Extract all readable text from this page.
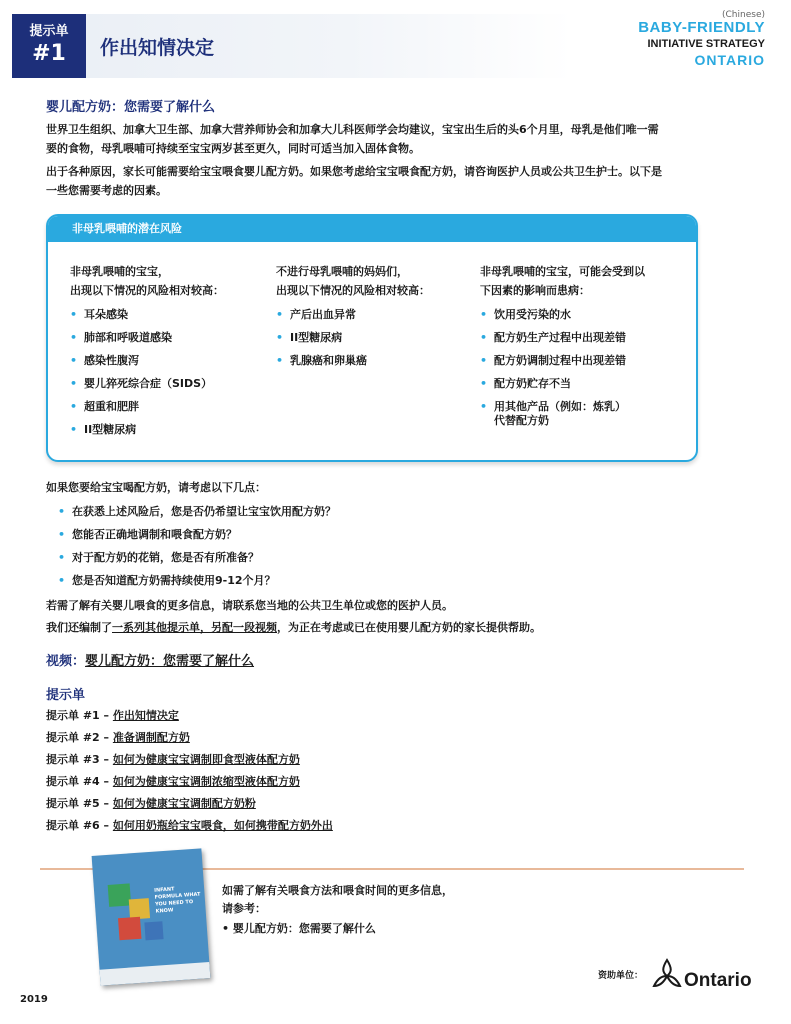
提示单
#1	作出知情决定
(Chinese)
BABY-FRIENDLY
INITIATIVE STRATEGY
ONTARIO
婴儿配方奶：您需要了解什么
世界卫生组织、加拿大卫生部、加拿大营养师协会和加拿大儿科医师学会均建议，宝宝出生后的头6个月里，母乳是他们唯一需
要的食物，母乳喂哺可持续至宝宝两岁甚至更久，同时可适当加入固体食物。
出于各种原因，家长可能需要给宝宝喂食婴儿配方奶。如果您考虑给宝宝喂食配方奶，请咨询医护人员或公共卫生护士。以下是
一些您需要考虑的因素。
非母乳喂哺的潜在风险
非母乳喂哺的宝宝，
出现以下情况的风险相对较高：
• 耳朵感染
• 肺部和呼吸道感染
• 感染性腹泻
• 婴儿猝死综合症（SIDS）
• 超重和肥胖
• II型糖尿病
不进行母乳喂哺的妈妈们，
出现以下情况的风险相对较高：
• 产后出血异常
• II型糖尿病
• 乳腺癌和卵巢癌
非母乳喂哺的宝宝，可能会受到以
下因素的影响而患病：
• 饮用受污染的水
• 配方奶生产过程中出现差错
• 配方奶调制过程中出现差错
• 配方奶贮存不当
• 用其他产品（例如：炼乳）
代替配方奶
如果您要给宝宝喝配方奶，请考虑以下几点：
• 在获悉上述风险后，您是否仍希望让宝宝饮用配方奶？
• 您能否正确地调制和喂食配方奶？
• 对于配方奶的花销，您是否有所准备？
• 您是否知道配方奶需持续使用9-12个月？
若需了解有关婴儿喂食的更多信息，请联系您当地的公共卫生单位或您的医护人员。
我们还编制了一系列其他提示单，另配一段视频，为正在考虑或已在使用婴儿配方奶的家长提供帮助。
视频：婴儿配方奶：您需要了解什么
提示单
提示单 #1 – 作出知情决定
提示单 #2 – 准备调制配方奶
提示单 #3 – 如何为健康宝宝调制即食型液体配方奶
提示单 #4 – 如何为健康宝宝调制浓缩型液体配方奶
提示单 #5 – 如何为健康宝宝调制配方奶粉
提示单 #6 – 如何用奶瓶给宝宝喂食，如何携带配方奶外出
INFANT FORMULA WHAT YOU NEED TO KNOW
如需了解有关喂食方法和喂食时间的更多信息，
请参考：
• 婴儿配方奶：您需要了解什么
资助单位： Ontario
2019
